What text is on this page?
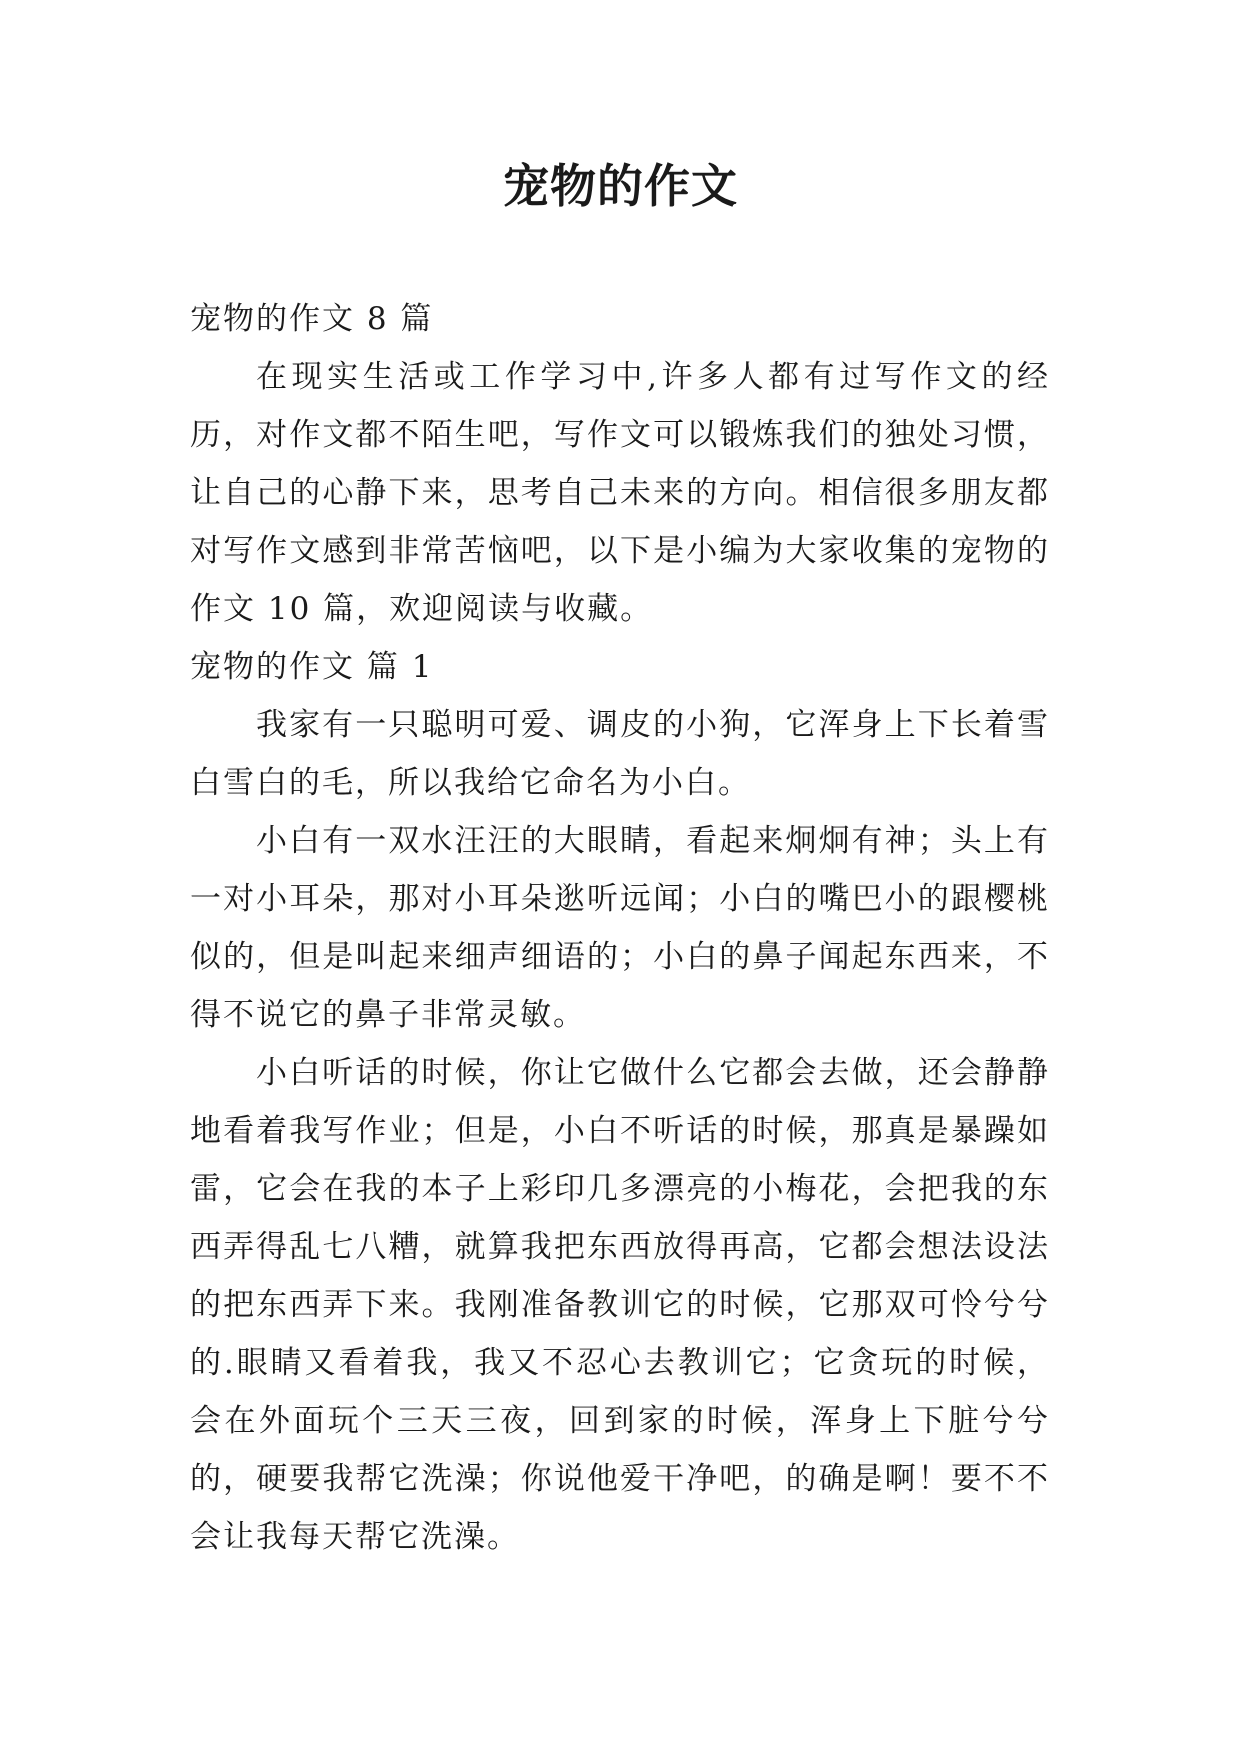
宠物的作文

宠物的作文 8 篇

在现实生活或工作学习中,许多人都有过写作文的经历，对作文都不陌生吧，写作文可以锻炼我们的独处习惯，让自己的心静下来，思考自己未来的方向。相信很多朋友都对写作文感到非常苦恼吧，以下是小编为大家收集的宠物的作文 10 篇，欢迎阅读与收藏。

宠物的作文 篇 1

我家有一只聪明可爱、调皮的小狗，它浑身上下长着雪白雪白的毛，所以我给它命名为小白。

小白有一双水汪汪的大眼睛，看起来炯炯有神；头上有一对小耳朵，那对小耳朵逖听远闻；小白的嘴巴小的跟樱桃似的，但是叫起来细声细语的；小白的鼻子闻起东西来，不得不说它的鼻子非常灵敏。

小白听话的时候，你让它做什么它都会去做，还会静静地看着我写作业；但是，小白不听话的时候，那真是暴躁如雷，它会在我的本子上彩印几多漂亮的小梅花，会把我的东西弄得乱七八糟，就算我把东西放得再高，它都会想法设法的把东西弄下来。我刚准备教训它的时候，它那双可怜兮兮的.眼睛又看着我，我又不忍心去教训它；它贪玩的时候，会在外面玩个三天三夜，回到家的时候，浑身上下脏兮兮的，硬要我帮它洗澡；你说他爱干净吧，的确是啊！要不不会让我每天帮它洗澡。
